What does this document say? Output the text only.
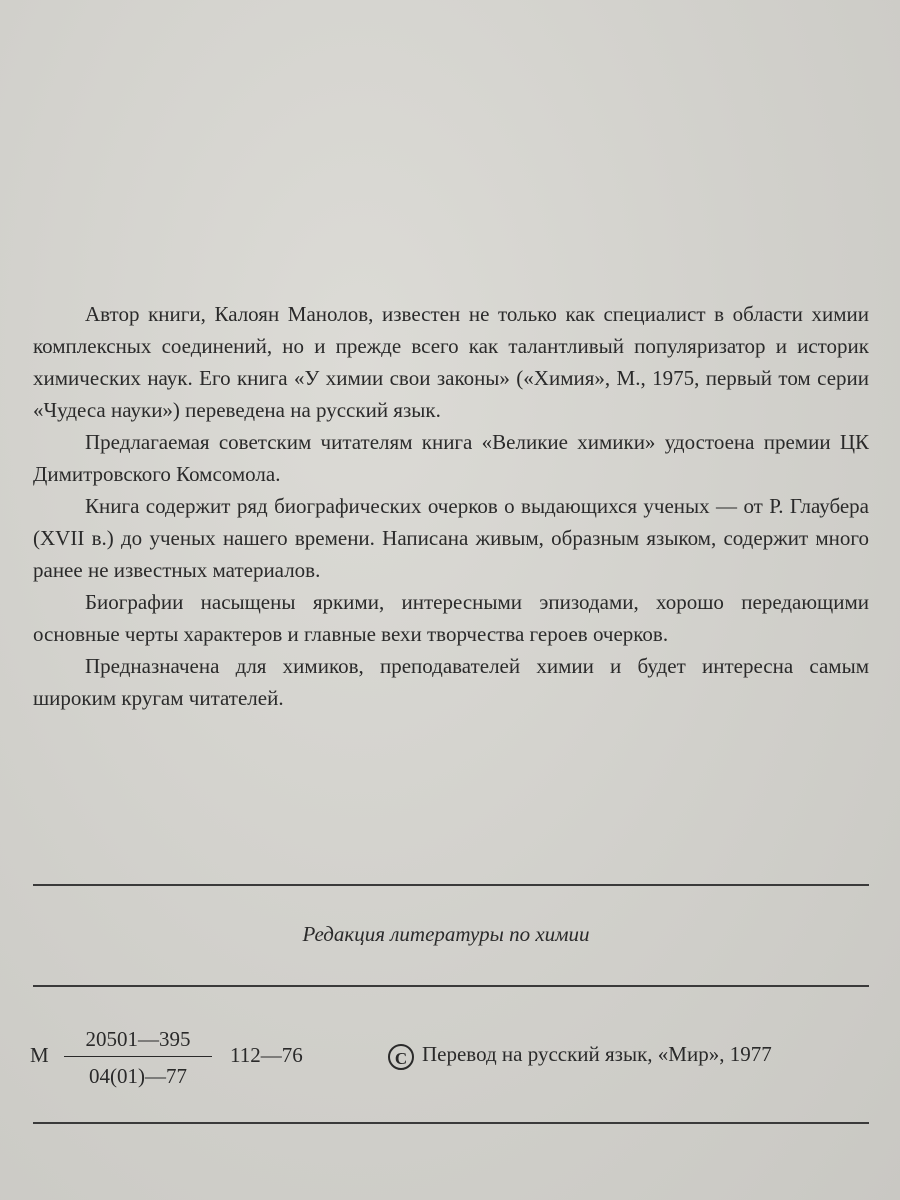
Автор книги, Калоян Манолов, известен не только как специалист в области химии комплексных соединений, но и прежде всего как талантливый популяризатор и историк химических наук. Его книга «У химии свои законы» («Химия», М., 1975, первый том серии «Чудеса науки») переведена на русский язык.

Предлагаемая советским читателям книга «Великие химики» удостоена премии ЦК Димитровского Комсомола.

Книга содержит ряд биографических очерков о выдающихся ученых — от Р. Глаубера (XVII в.) до ученых нашего времени. Написана живым, образным языком, содержит много ранее не известных материалов.

Биографии насыщены яркими, интересными эпизодами, хорошо передающими основные черты характеров и главные вехи творчества героев очерков.

Предназначена для химиков, преподавателей химии и будет интересна самым широким кругам читателей.

Редакция литературы по химии
М
20501—395
04(01)—77
112—76	С Перевод на русский язык, «Мир», 1977
